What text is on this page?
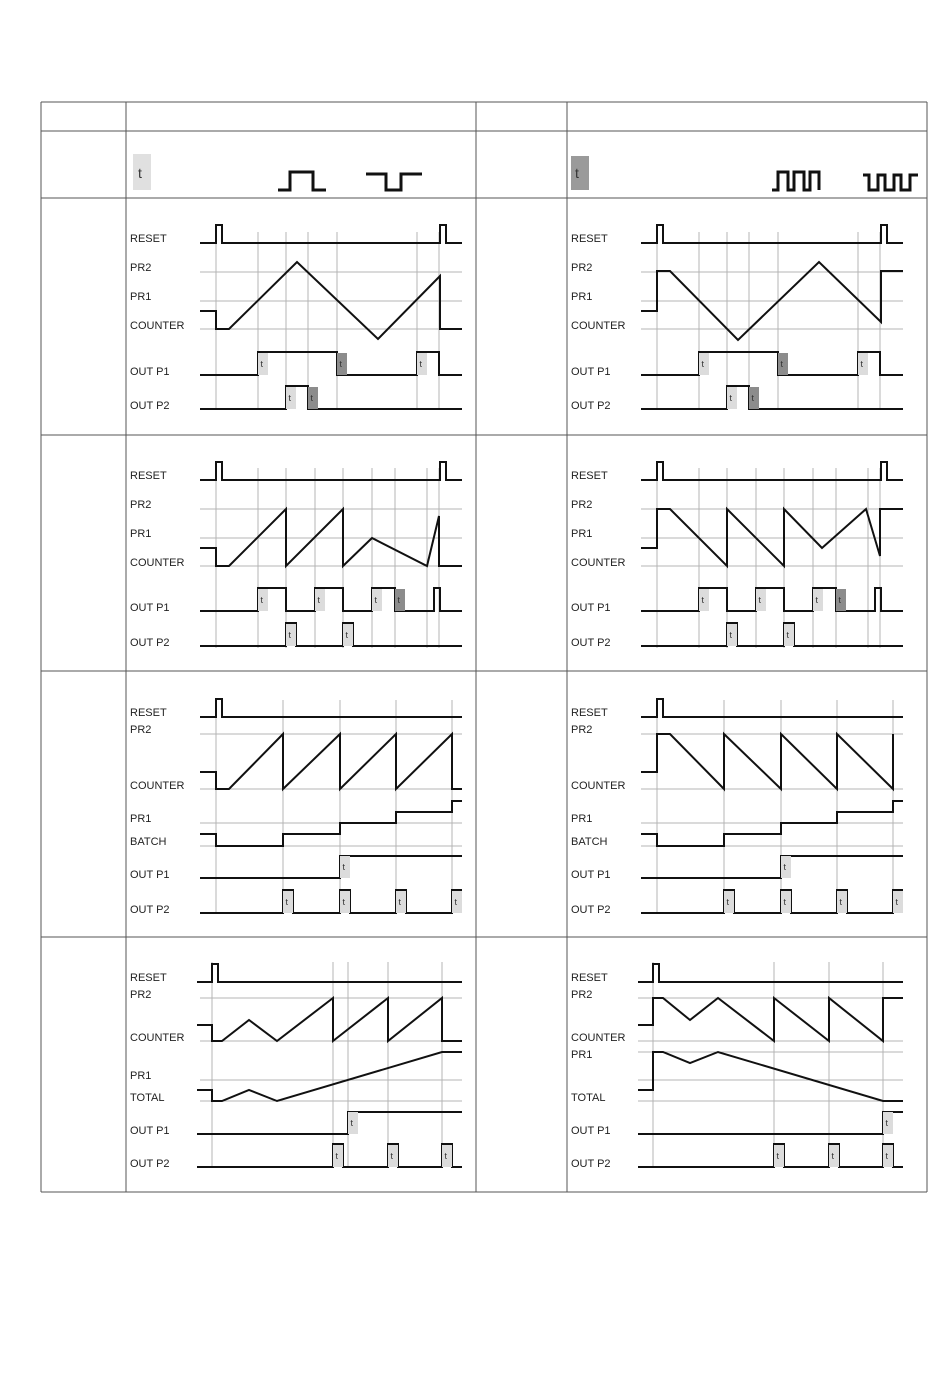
t	t
RESET
PR2
PR1
COUNTER
OUT P1
OUT P2
t	t	t
t t
RESET
PR2
PR1
COUNTER
OUT P1
OUT P2
t	t	t
t t
RESET
PR2
PR1
COUNTER
OUT P1
OUT P2
t	t	t t
t	t
RESET
PR2
PR1
COUNTER
OUT P1
OUT P2
t	t	t t
t	t
RESET
PR2
COUNTER
PR1
BATCH
OUT P1
OUT P2
t
t	t	t	t
RESET
PR2
COUNTER
PR1
BATCH
OUT P1
OUT P2
t
t	t	t	t
RESET
PR2
COUNTER
PR1
TOTAL
OUT P1
OUT P2
t
t	t	t
RESET
PR2
COUNTER
PR1
TOTAL
OUT P1
OUT P2
t
t	t	t
